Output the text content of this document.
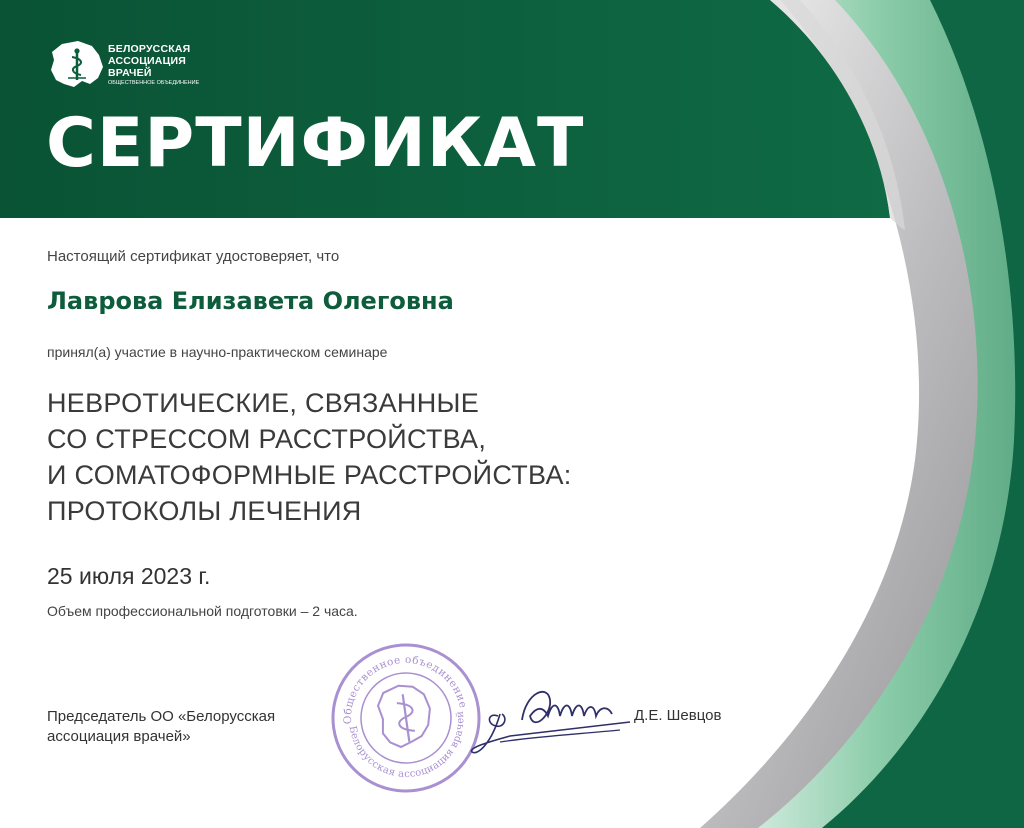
БЕЛОРУССКАЯ
АССОЦИАЦИЯ
ВРАЧЕЙ
ОБЩЕСТВЕННОЕ ОБЪЕДИНЕНИЕ
СЕРТИФИКАТ
Настоящий сертификат удостоверяет, что
Лаврова Елизавета Олеговна
принял(а) участие в научно-практическом семинаре
НЕВРОТИЧЕСКИЕ, СВЯЗАННЫЕ
СО СТРЕССОМ РАССТРОЙСТВА,
И СОМАТОФОРМНЫЕ РАССТРОЙСТВА:
ПРОТОКОЛЫ ЛЕЧЕНИЯ
25 июля 2023 г.
Объем профессиональной подготовки – 2 часа.
Председатель ОО «Белорусская
ассоциация врачей»
Общественное объединение
«Белорусская ассоциация врачей»
Д.Е. Шевцов
